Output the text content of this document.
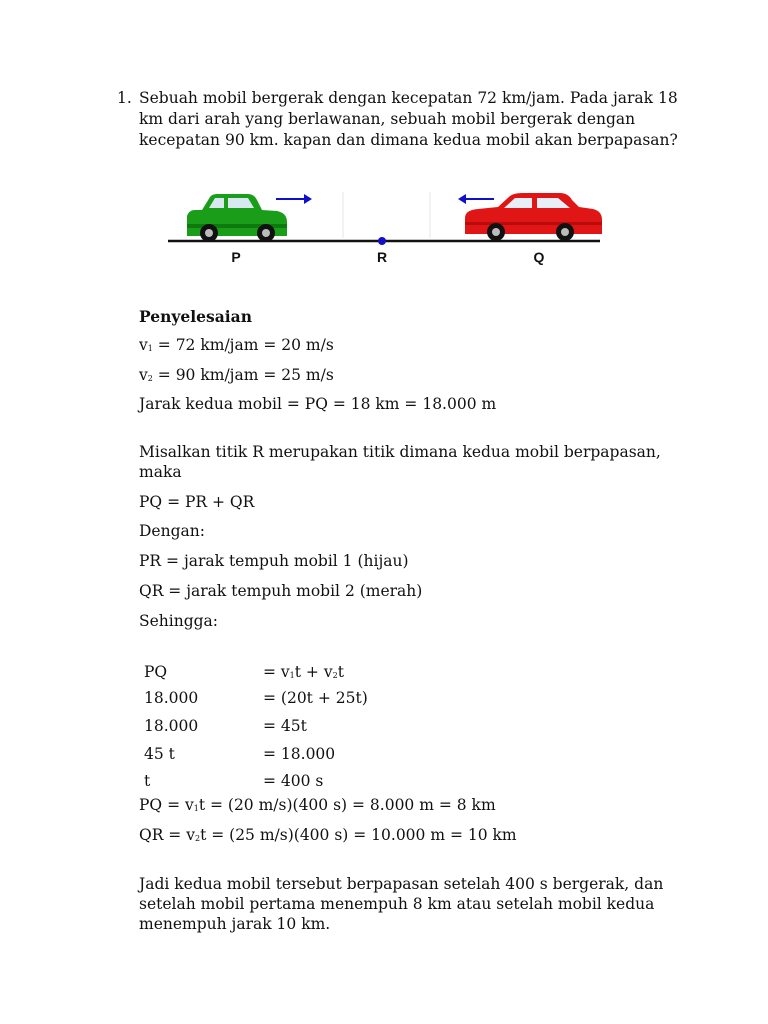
1. Sebuah mobil bergerak dengan kecepatan 72 km/jam. Pada jarak 18
km dari arah yang berlawanan, sebuah mobil bergerak dengan
kecepatan 90 km. kapan dan dimana kedua mobil akan berpapasan?
P	R	Q
Penyelesaian
$v_1 = 72$ km/jam = 20 m/s
$v_2 = 90$ km/jam = 25 m/s
Jarak kedua mobil = PQ = 18 km = 18.000 m
Misalkan titik R merupakan titik dimana kedua mobil berpapasan,
maka
PQ = PR + QR
Dengan:
PR = jarak tempuh mobil 1 (hijau)
QR = jarak tempuh mobil 2 (merah)
Sehingga:
PQ	= $v_1t + v_2t$
18.000	= (20t + 25t)
18.000	= 45t
45 t	= 18.000
t	= 400 s
PQ = $v_1t = (20$ m/s)(400 s) = 8.000 m = 8 km
QR = $v_2t = (25$ m/s)(400 s) = 10.000 m = 10 km
Jadi kedua mobil tersebut berpapasan setelah 400 s bergerak, dan
setelah mobil pertama menempuh 8 km atau setelah mobil kedua
menempuh jarak 10 km.
